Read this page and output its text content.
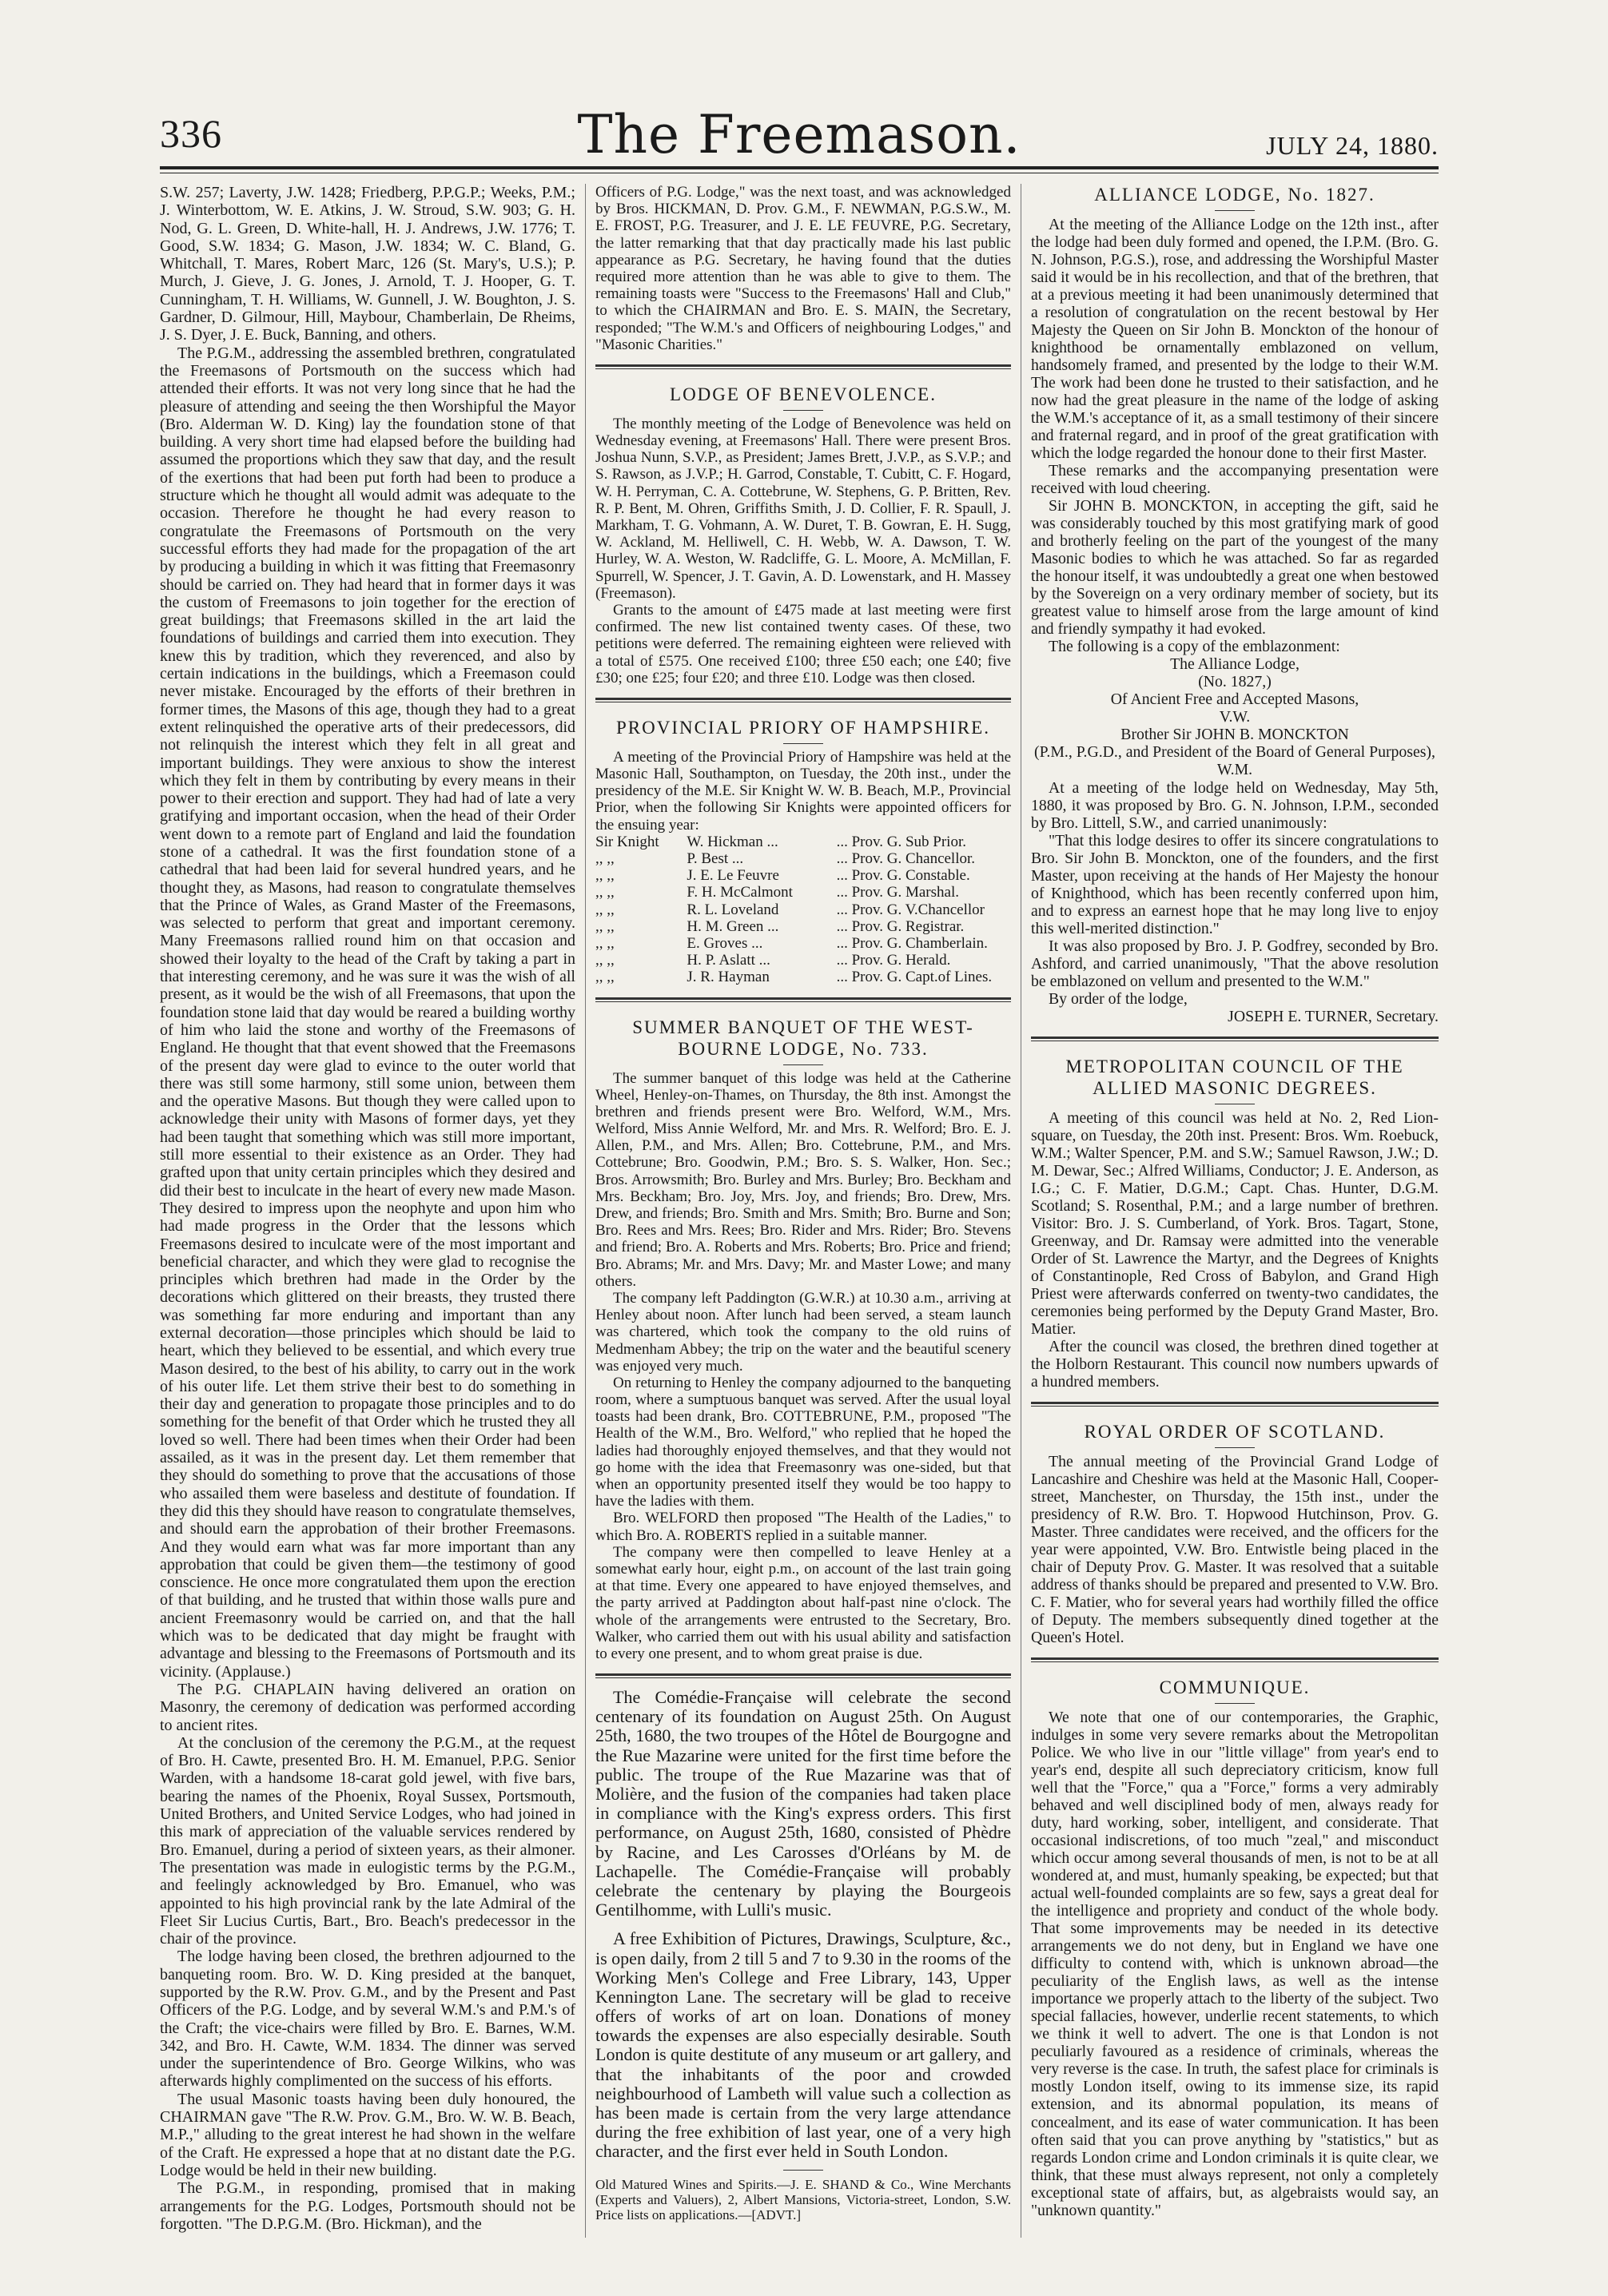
336	The Freemason.	JULY 24, 1880.

S.W. 257; Laverty, J.W. 1428; Friedberg, P.P.G.P.; Weeks, P.M.; J. Winterbottom, W. E. Atkins, J. W. Stroud, S.W. 903; G. H. Nod, G. L. Green, D. White-hall, H. J. Andrews, J.W. 1776; T. Good, S.W. 1834; G. Mason, J.W. 1834; W. C. Bland, G. Whitchall, T. Mares, Robert Marc, 126 (St. Mary's, U.S.); P. Murch, J. Gieve, J. G. Jones, J. Arnold, T. J. Hooper, G. T. Cunningham, T. H. Williams, W. Gunnell, J. W. Boughton, J. S. Gardner, D. Gilmour, Hill, Maybour, Chamberlain, De Rheims, J. S. Dyer, J. E. Buck, Banning, and others.

The P.G.M., addressing the assembled brethren, congratulated the Freemasons of Portsmouth on the success which had attended their efforts. It was not very long since that he had the pleasure of attending and seeing the then Worshipful the Mayor (Bro. Alderman W. D. King) lay the foundation stone of that building. A very short time had elapsed before the building had assumed the proportions which they saw that day, and the result of the exertions that had been put forth had been to produce a structure which he thought all would admit was adequate to the occasion. Therefore he thought he had every reason to congratulate the Freemasons of Portsmouth on the very successful efforts they had made for the propagation of the art by producing a building in which it was fitting that Freemasonry should be carried on. They had heard that in former days it was the custom of Freemasons to join together for the erection of great buildings; that Freemasons skilled in the art laid the foundations of buildings and carried them into execution. They knew this by tradition, which they reverenced, and also by certain indications in the buildings, which a Freemason could never mistake. Encouraged by the efforts of their brethren in former times, the Masons of this age, though they had to a great extent relinquished the operative arts of their predecessors, did not relinquish the interest which they felt in all great and important buildings. They were anxious to show the interest which they felt in them by contributing by every means in their power to their erection and support. They had had of late a very gratifying and important occasion, when the head of their Order went down to a remote part of England and laid the foundation stone of a cathedral. It was the first foundation stone of a cathedral that had been laid for several hundred years, and he thought they, as Masons, had reason to congratulate themselves that the Prince of Wales, as Grand Master of the Freemasons, was selected to perform that great and important ceremony. Many Freemasons rallied round him on that occasion and showed their loyalty to the head of the Craft by taking a part in that interesting ceremony, and he was sure it was the wish of all present, as it would be the wish of all Freemasons, that upon the foundation stone laid that day would be reared a building worthy of him who laid the stone and worthy of the Freemasons of England. He thought that that event showed that the Freemasons of the present day were glad to evince to the outer world that there was still some harmony, still some union, between them and the operative Masons. But though they were called upon to acknowledge their unity with Masons of former days, yet they had been taught that something which was still more important, still more essential to their existence as an Order. They had grafted upon that unity certain principles which they desired and did their best to inculcate in the heart of every new made Mason. They desired to impress upon the neophyte and upon him who had made progress in the Order that the lessons which Freemasons desired to inculcate were of the most important and beneficial character, and which they were glad to recognise the principles which brethren had made in the Order by the decorations which glittered on their breasts, they trusted there was something far more enduring and important than any external decoration—those principles which should be laid to heart, which they believed to be essential, and which every true Mason desired, to the best of his ability, to carry out in the work of his outer life. Let them strive their best to do something in their day and generation to propagate those principles and to do something for the benefit of that Order which he trusted they all loved so well. There had been times when their Order had been assailed, as it was in the present day. Let them remember that they should do something to prove that the accusations of those who assailed them were baseless and destitute of foundation. If they did this they should have reason to congratulate themselves, and should earn the approbation of their brother Freemasons. And they would earn what was far more important than any approbation that could be given them—the testimony of good conscience. He once more congratulated them upon the erection of that building, and he trusted that within those walls pure and ancient Freemasonry would be carried on, and that the hall which was to be dedicated that day might be fraught with advantage and blessing to the Freemasons of Portsmouth and its vicinity. (Applause.)

The P.G. CHAPLAIN having delivered an oration on Masonry, the ceremony of dedication was performed according to ancient rites.

At the conclusion of the ceremony the P.G.M., at the request of Bro. H. Cawte, presented Bro. H. M. Emanuel, P.P.G. Senior Warden, with a handsome 18-carat gold jewel, with five bars, bearing the names of the Phoenix, Royal Sussex, Portsmouth, United Brothers, and United Service Lodges, who had joined in this mark of appreciation of the valuable services rendered by Bro. Emanuel, during a period of sixteen years, as their almoner. The presentation was made in eulogistic terms by the P.G.M., and feelingly acknowledged by Bro. Emanuel, who was appointed to his high provincial rank by the late Admiral of the Fleet Sir Lucius Curtis, Bart., Bro. Beach's predecessor in the chair of the province.

The lodge having been closed, the brethren adjourned to the banqueting room. Bro. W. D. King presided at the banquet, supported by the R.W. Prov. G.M., and by the Present and Past Officers of the P.G. Lodge, and by several W.M.'s and P.M.'s of the Craft; the vice-chairs were filled by Bro. E. Barnes, W.M. 342, and Bro. H. Cawte, W.M. 1834. The dinner was served under the superintendence of Bro. George Wilkins, who was afterwards highly complimented on the success of his efforts.

The usual Masonic toasts having been duly honoured, the CHAIRMAN gave "The R.W. Prov. G.M., Bro. W. W. B. Beach, M.P.," alluding to the great interest he had shown in the welfare of the Craft. He expressed a hope that at no distant date the P.G. Lodge would be held in their new building.

The P.G.M., in responding, promised that in making arrangements for the P.G. Lodges, Portsmouth should not be forgotten. "The D.P.G.M. (Bro. Hickman), and the

Officers of P.G. Lodge," was the next toast, and was acknowledged by Bros. HICKMAN, D. Prov. G.M., F. NEWMAN, P.G.S.W., M. E. FROST, P.G. Treasurer, and J. E. LE FEUVRE, P.G. Secretary, the latter remarking that that day practically made his last public appearance as P.G. Secretary, he having found that the duties required more attention than he was able to give to them. The remaining toasts were "Success to the Freemasons' Hall and Club," to which the CHAIRMAN and Bro. E. S. MAIN, the Secretary, responded; "The W.M.'s and Officers of neighbouring Lodges," and "Masonic Charities."

LODGE OF BENEVOLENCE.

The monthly meeting of the Lodge of Benevolence was held on Wednesday evening, at Freemasons' Hall. There were present Bros. Joshua Nunn, S.V.P., as President; James Brett, J.V.P., as S.V.P.; and S. Rawson, as J.V.P.; H. Garrod, Constable, T. Cubitt, C. F. Hogard, W. H. Perryman, C. A. Cottebrune, W. Stephens, G. P. Britten, Rev. R. P. Bent, M. Ohren, Griffiths Smith, J. D. Collier, F. R. Spaull, J. Markham, T. G. Vohmann, A. W. Duret, T. B. Gowran, E. H. Sugg, W. Ackland, M. Helliwell, C. H. Webb, W. A. Dawson, T. W. Hurley, W. A. Weston, W. Radcliffe, G. L. Moore, A. McMillan, F. Spurrell, W. Spencer, J. T. Gavin, A. D. Lowenstark, and H. Massey (Freemason).

Grants to the amount of £475 made at last meeting were first confirmed. The new list contained twenty cases. Of these, two petitions were deferred. The remaining eighteen were relieved with a total of £575. One received £100; three £50 each; one £40; five £30; one £25; four £20; and three £10. Lodge was then closed.

PROVINCIAL PRIORY OF HAMPSHIRE.

A meeting of the Provincial Priory of Hampshire was held at the Masonic Hall, Southampton, on Tuesday, the 20th inst., under the presidency of the M.E. Sir Knight W. W. B. Beach, M.P., Provincial Prior, when the following Sir Knights were appointed officers for the ensuing year:

Sir Knight	W. Hickman ...	... Prov. G. Sub Prior.
,, ,,	P. Best ...	... Prov. G. Chancellor.
,, ,,	J. E. Le Feuvre	... Prov. G. Constable.
,, ,,	F. H. McCalmont	... Prov. G. Marshal.
,, ,,	R. L. Loveland	... Prov. G. V.Chancellor
,, ,,	H. M. Green ...	... Prov. G. Registrar.
,, ,,	E. Groves ...	... Prov. G. Chamberlain.
,, ,,	H. P. Aslatt ...	... Prov. G. Herald.
,, ,,	J. R. Hayman	... Prov. G. Capt.of Lines.
SUMMER BANQUET OF THE WEST-BOURNE LODGE, No. 733.

The summer banquet of this lodge was held at the Catherine Wheel, Henley-on-Thames, on Thursday, the 8th inst. Amongst the brethren and friends present were Bro. Welford, W.M., Mrs. Welford, Miss Annie Welford, Mr. and Mrs. R. Welford; Bro. E. J. Allen, P.M., and Mrs. Allen; Bro. Cottebrune, P.M., and Mrs. Cottebrune; Bro. Goodwin, P.M.; Bro. S. S. Walker, Hon. Sec.; Bros. Arrowsmith; Bro. Burley and Mrs. Burley; Bro. Beckham and Mrs. Beckham; Bro. Joy, Mrs. Joy, and friends; Bro. Drew, Mrs. Drew, and friends; Bro. Smith and Mrs. Smith; Bro. Burne and Son; Bro. Rees and Mrs. Rees; Bro. Rider and Mrs. Rider; Bro. Stevens and friend; Bro. A. Roberts and Mrs. Roberts; Bro. Price and friend; Bro. Abrams; Mr. and Mrs. Davy; Mr. and Master Lowe; and many others.

The company left Paddington (G.W.R.) at 10.30 a.m., arriving at Henley about noon. After lunch had been served, a steam launch was chartered, which took the company to the old ruins of Medmenham Abbey; the trip on the water and the beautiful scenery was enjoyed very much.

On returning to Henley the company adjourned to the banqueting room, where a sumptuous banquet was served. After the usual loyal toasts had been drank, Bro. COTTEBRUNE, P.M., proposed "The Health of the W.M., Bro. Welford," who replied that he hoped the ladies had thoroughly enjoyed themselves, and that they would not go home with the idea that Freemasonry was one-sided, but that when an opportunity presented itself they would be too happy to have the ladies with them.

Bro. WELFORD then proposed "The Health of the Ladies," to which Bro. A. ROBERTS replied in a suitable manner.

The company were then compelled to leave Henley at a somewhat early hour, eight p.m., on account of the last train going at that time. Every one appeared to have enjoyed themselves, and the party arrived at Paddington about half-past nine o'clock. The whole of the arrangements were entrusted to the Secretary, Bro. Walker, who carried them out with his usual ability and satisfaction to every one present, and to whom great praise is due.

The Comédie-Française will celebrate the second centenary of its foundation on August 25th. On August 25th, 1680, the two troupes of the Hôtel de Bourgogne and the Rue Mazarine were united for the first time before the public. The troupe of the Rue Mazarine was that of Molière, and the fusion of the companies had taken place in compliance with the King's express orders. This first performance, on August 25th, 1680, consisted of Phèdre by Racine, and Les Carosses d'Orléans by M. de Lachapelle. The Comédie-Française will probably celebrate the centenary by playing the Bourgeois Gentilhomme, with Lulli's music.

A free Exhibition of Pictures, Drawings, Sculpture, &c., is open daily, from 2 till 5 and 7 to 9.30 in the rooms of the Working Men's College and Free Library, 143, Upper Kennington Lane. The secretary will be glad to receive offers of works of art on loan. Donations of money towards the expenses are also especially desirable. South London is quite destitute of any museum or art gallery, and that the inhabitants of the poor and crowded neighbourhood of Lambeth will value such a collection as has been made is certain from the very large attendance during the free exhibition of last year, one of a very high character, and the first ever held in South London.

Old Matured Wines and Spirits.—J. E. SHAND & Co., Wine Merchants (Experts and Valuers), 2, Albert Mansions, Victoria-street, London, S.W. Price lists on applications.—[ADVT.]

ALLIANCE LODGE, No. 1827.

At the meeting of the Alliance Lodge on the 12th inst., after the lodge had been duly formed and opened, the I.P.M. (Bro. G. N. Johnson, P.G.S.), rose, and addressing the Worshipful Master said it would be in his recollection, and that of the brethren, that at a previous meeting it had been unanimously determined that a resolution of congratulation on the recent bestowal by Her Majesty the Queen on Sir John B. Monckton of the honour of knighthood be ornamentally emblazoned on vellum, handsomely framed, and presented by the lodge to their W.M. The work had been done he trusted to their satisfaction, and he now had the great pleasure in the name of the lodge of asking the W.M.'s acceptance of it, as a small testimony of their sincere and fraternal regard, and in proof of the great gratification with which the lodge regarded the honour done to their first Master.

These remarks and the accompanying presentation were received with loud cheering.

Sir JOHN B. MONCKTON, in accepting the gift, said he was considerably touched by this most gratifying mark of good and brotherly feeling on the part of the youngest of the many Masonic bodies to which he was attached. So far as regarded the honour itself, it was undoubtedly a great one when bestowed by the Sovereign on a very ordinary member of society, but its greatest value to himself arose from the large amount of kind and friendly sympathy it had evoked.

The following is a copy of the emblazonment:

The Alliance Lodge,

(No. 1827,)

Of Ancient Free and Accepted Masons,

V.W.

Brother Sir JOHN B. MONCKTON

(P.M., P.G.D., and President of the Board of General Purposes), W.M.

At a meeting of the lodge held on Wednesday, May 5th, 1880, it was proposed by Bro. G. N. Johnson, I.P.M., seconded by Bro. Littell, S.W., and carried unanimously:

"That this lodge desires to offer its sincere congratulations to Bro. Sir John B. Monckton, one of the founders, and the first Master, upon receiving at the hands of Her Majesty the honour of Knighthood, which has been recently conferred upon him, and to express an earnest hope that he may long live to enjoy this well-merited distinction."

It was also proposed by Bro. J. P. Godfrey, seconded by Bro. Ashford, and carried unanimously, "That the above resolution be emblazoned on vellum and presented to the W.M."

By order of the lodge,

JOSEPH E. TURNER, Secretary.

METROPOLITAN COUNCIL OF THE ALLIED MASONIC DEGREES.

A meeting of this council was held at No. 2, Red Lion-square, on Tuesday, the 20th inst. Present: Bros. Wm. Roebuck, W.M.; Walter Spencer, P.M. and S.W.; Samuel Rawson, J.W.; D. M. Dewar, Sec.; Alfred Williams, Conductor; J. E. Anderson, as I.G.; C. F. Matier, D.G.M.; Capt. Chas. Hunter, D.G.M. Scotland; S. Rosenthal, P.M.; and a large number of brethren. Visitor: Bro. J. S. Cumberland, of York. Bros. Tagart, Stone, Greenway, and Dr. Ramsay were admitted into the venerable Order of St. Lawrence the Martyr, and the Degrees of Knights of Constantinople, Red Cross of Babylon, and Grand High Priest were afterwards conferred on twenty-two candidates, the ceremonies being performed by the Deputy Grand Master, Bro. Matier.

After the council was closed, the brethren dined together at the Holborn Restaurant. This council now numbers upwards of a hundred members.

ROYAL ORDER OF SCOTLAND.

The annual meeting of the Provincial Grand Lodge of Lancashire and Cheshire was held at the Masonic Hall, Cooper-street, Manchester, on Thursday, the 15th inst., under the presidency of R.W. Bro. T. Hopwood Hutchinson, Prov. G. Master. Three candidates were received, and the officers for the year were appointed, V.W. Bro. Entwistle being placed in the chair of Deputy Prov. G. Master. It was resolved that a suitable address of thanks should be prepared and presented to V.W. Bro. C. F. Matier, who for several years had worthily filled the office of Deputy. The members subsequently dined together at the Queen's Hotel.

COMMUNIQUE.

We note that one of our contemporaries, the Graphic, indulges in some very severe remarks about the Metropolitan Police. We who live in our "little village" from year's end to year's end, despite all such depreciatory criticism, know full well that the "Force," qua a "Force," forms a very admirably behaved and well disciplined body of men, always ready for duty, hard working, sober, intelligent, and considerate. That occasional indiscretions, of too much "zeal," and misconduct which occur among several thousands of men, is not to be at all wondered at, and must, humanly speaking, be expected; but that actual well-founded complaints are so few, says a great deal for the intelligence and propriety and conduct of the whole body. That some improvements may be needed in its detective arrangements we do not deny, but in England we have one difficulty to contend with, which is unknown abroad—the peculiarity of the English laws, as well as the intense importance we properly attach to the liberty of the subject. Two special fallacies, however, underlie recent statements, to which we think it well to advert. The one is that London is not peculiarly favoured as a residence of criminals, whereas the very reverse is the case. In truth, the safest place for criminals is mostly London itself, owing to its immense size, its rapid extension, and its abnormal population, its means of concealment, and its ease of water communication. It has been often said that you can prove anything by "statistics," but as regards London crime and London criminals it is quite clear, we think, that these must always represent, not only a completely exceptional state of affairs, but, as algebraists would say, an "unknown quantity."
